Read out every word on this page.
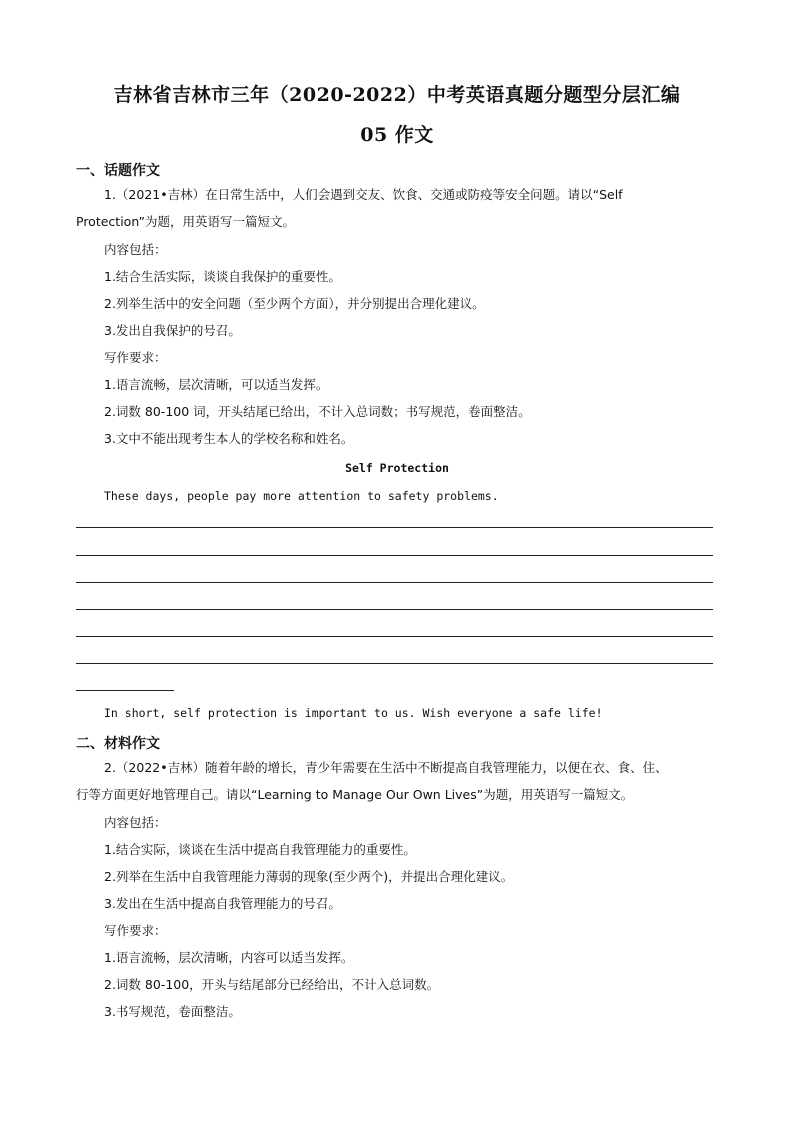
吉林省吉林市三年（2020-2022）中考英语真题分题型分层汇编
05 作文
一、话题作文
1.（2021•吉林）在日常生活中，人们会遇到交友、饮食、交通或防疫等安全问题。请以“Self
Protection”为题，用英语写一篇短文。
内容包括：
1.结合生活实际，谈谈自我保护的重要性。
2.列举生活中的安全问题（至少两个方面），并分别提出合理化建议。
3.发出自我保护的号召。
写作要求：
1.语言流畅，层次清晰，可以适当发挥。
2.词数 80-100 词，开头结尾已给出，不计入总词数；书写规范，卷面整洁。
3.文中不能出现考生本人的学校名称和姓名。
Self Protection
These days, people pay more attention to safety problems.
In short, self protection is important to us. Wish everyone a safe life!
二、材料作文
2.（2022•吉林）随着年龄的增长，青少年需要在生活中不断提高自我管理能力，以便在衣、食、住、
行等方面更好地管理自己。请以“Learning to Manage Our Own Lives”为题，用英语写一篇短文。
内容包括：
1.结合实际，谈谈在生活中提高自我管理能力的重要性。
2.列举在生活中自我管理能力薄弱的现象(至少两个)，并提出合理化建议。
3.发出在生活中提高自我管理能力的号召。
写作要求：
1.语言流畅，层次清晰，内容可以适当发挥。
2.词数 80-100，开头与结尾部分已经给出，不计入总词数。
3.书写规范，卷面整洁。
